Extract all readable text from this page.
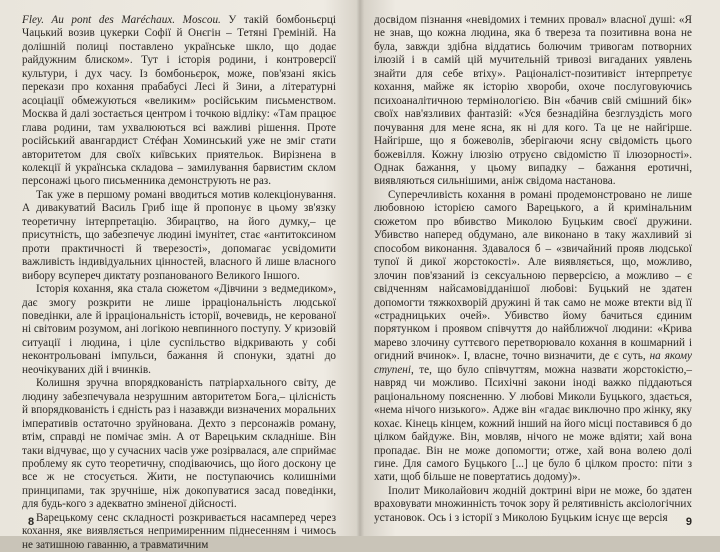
Fley. Au pont des Maréchaux. Moscou. У такій бомбоньєрці Чацький возив цукерки Софії й Онєгін – Тетяні Греміній. На долішній полиці поставлено українське шкло, що додає райдужним блиском». Тут і історія родини, і контроверсії культури, і дух часу. Із бомбоньєрок, може, пов'язані якісь перекази про кохання прабабусі Лесі й Зини, а літературні асоціації обмежуються «великим» російським письменством. Москва й далі зостається центром і точкою відліку: «Там працює глава родини, там ухвалюються всі важливі рішення. Проте російський авангардист Стéфан Хоминський уже не зміг стати авторитетом для своїх київських приятельок. Вирізнена в колекції й українська складова – замилування барвистим склом персонажі цього письменника демонструють не раз.

Так уже в першому романі вводиться мотив колекціонування. А дивакуватий Василь Гриб іще й пропонує в цьому зв'язку теоретичну інтерпретацію. Збирацтво, на його думку,– це присутність, що забезпечує людині імунітет, стає «антитоксином проти практичності й тверезості», допомагає усвідомити важливість індивідуальних цінностей, власного й лише власного вибору всупереч диктату розпанованого Великого Іншого.

Історія кохання, яка стала сюжетом «Дівчини з ведмедиком», дає змогу розкрити не лише ірраціональність людської поведінки, але й ірраціональність історії, вочевидь, не керованої ні світовим розумом, ані логікою невпинного поступу. У кризовій ситуації і людина, і ціле суспільство відкривають у собі неконтрольовані імпульси, бажання й спонуки, здатні до неочікуваних дій і вчинків.

Колишня зручна впорядкованість патріархального світу, де людину забезпечувала незрушним авторитетом Бога,– цілісність й впорядкованість і єдність раз і назавжди визначених моральних імперативів остаточно зруйнована. Дехто з персонажів роману, втім, справді не помічає змін. А от Варецьким складніше. Він таки відчуває, що у сучасних часів уже розірвалася, але сприймає проблему як суто теоретичну, сподіваючись, що його доскону це все ж не стосується. Жити, не поступаючись колишніми принципами, так зручніше, ніж докопуватися засад поведінки, для будь-кого з адекватно зміненої дійсності.

Варецькому сенс складності розкривається насамперед через кохання, яке виявляється непримиренним піднесенням і чимось не затишною гаванню, а травматичним

8

досвідом пізнання «невідомих і темних провал» власної душі: «Я не знав, що кожна людина, яка б твереза та позитивна вона не була, завжди здібна віддатись болючим тривогам потворних ілюзій і в самій цій мучительній тривозі вигаданих уявлень знайти для себе втіху». Раціоналіст-позитивіст інтерпретує кохання, майже як історію хвороби, охоче послуговуючись психоаналітичною термінологією. Він «бачив свій смішний бік» своїх нав'язливих фантазій: «Уся безнадійна безглуздість мого почування для мене ясна, як ні для кого. Та це не найгірше. Найгірше, що я божеволів, зберігаючи ясну свідомість цього божевілля. Кожну ілюзію отруєно свідомістю її ілюзорності». Однак бажання, у цьому випадку – бажання еротичні, виявляються сильнішими, аніж свідома настанова.

Суперечливість кохання в романі продемонстровано не лише любовною історією самого Варецького, а й кримінальним сюжетом про вбивство Миколою Буцьким своєї дружини. Убивство наперед обдумано, але виконано в таку жахливий зі способом виконання. Здавалося б – «звичайний прояв людської тупої й дикої жорстокості». Але виявляється, що, можливо, злочин пов'язаний із сексуальною перверсією, а можливо – є свідченням найсамовідданішої любові: Буцький не здатен допомогти тяжкохворій дружині й так само не може втекти від її «страдницьких очей». Убивство йому бачиться єдиним порятунком і проявом співчуття до найближчої людини: «Крива марево злочину суттєвого перетворювало кохання в кошмарний і огидний вчинок». І, власне, точно визначити, де є суть, на якому ступені, те, що було співчуттям, можна назвати жорстокістю,– навряд чи можливо. Психічні закони іноді важко піддаються раціональному поясненню. У любові Миколи Буцького, здається, «нема нічого низького». Адже він «гадає виключно про жінку, яку кохає. Кінець кінцем, кожний інший на його місці поставився б до цілком байдуже. Він, мовляв, нічого не може вдіяти; хай вона пропадає. Він не може допомогти; отже, хай вона волею долі гине. Для самого Буцького [...] це було б цілком просто: піти з хати, щоб більше не повертатись додому)».

Іполит Миколайович жодній доктрині віри не може, бо здатен враховувати множинність точок зору й релятивність аксіологічних установок. Ось і з історії з Миколою Буцьким існує ще версія	9
